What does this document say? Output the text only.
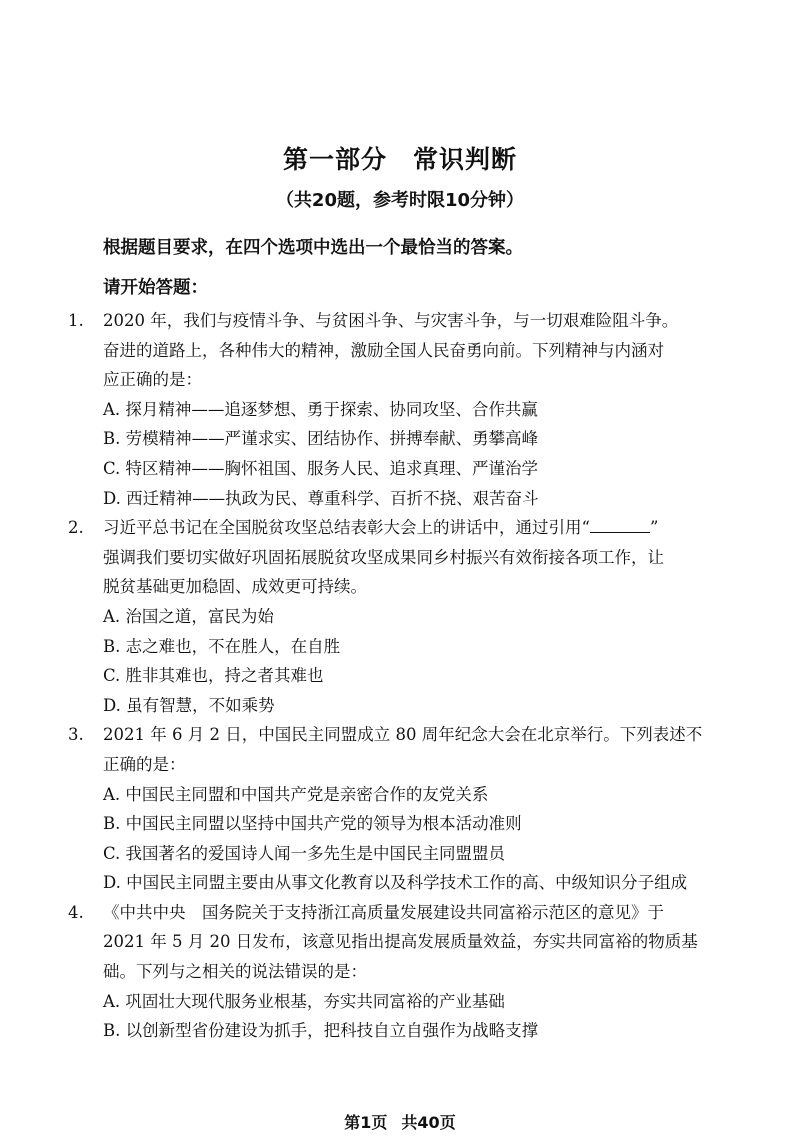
第一部分 常识判断
（共20题，参考时限10分钟）
根据题目要求，在四个选项中选出一个最恰当的答案。
请开始答题：
1. 2020 年，我们与疫情斗争、与贫困斗争、与灾害斗争，与一切艰难险阻斗争。
奋进的道路上，各种伟大的精神，激励全国人民奋勇向前。下列精神与内涵对
应正确的是：
A. 探月精神——追逐梦想、勇于探索、协同攻坚、合作共赢
B. 劳模精神——严谨求实、团结协作、拼搏奉献、勇攀高峰
C. 特区精神——胸怀祖国、服务人民、追求真理、严谨治学
D. 西迁精神——执政为民、尊重科学、百折不挠、艰苦奋斗
2. 习近平总书记在全国脱贫攻坚总结表彰大会上的讲话中，通过引用“	”
强调我们要切实做好巩固拓展脱贫攻坚成果同乡村振兴有效衔接各项工作，让
脱贫基础更加稳固、成效更可持续。
A. 治国之道，富民为始
B. 志之难也，不在胜人，在自胜
C. 胜非其难也，持之者其难也
D. 虽有智慧，不如乘势
3. 2021 年 6 月 2 日，中国民主同盟成立 80 周年纪念大会在北京举行。下列表述不
正确的是：
A. 中国民主同盟和中国共产党是亲密合作的友党关系
B. 中国民主同盟以坚持中国共产党的领导为根本活动准则
C. 我国著名的爱国诗人闻一多先生是中国民主同盟盟员
D. 中国民主同盟主要由从事文化教育以及科学技术工作的高、中级知识分子组成
4. 《中共中央　国务院关于支持浙江高质量发展建设共同富裕示范区的意见》于
2021 年 5 月 20 日发布，该意见指出提高发展质量效益，夯实共同富裕的物质基
础。下列与之相关的说法错误的是：
A. 巩固壮大现代服务业根基，夯实共同富裕的产业基础
B. 以创新型省份建设为抓手，把科技自立自强作为战略支撑
第1页 共40页
